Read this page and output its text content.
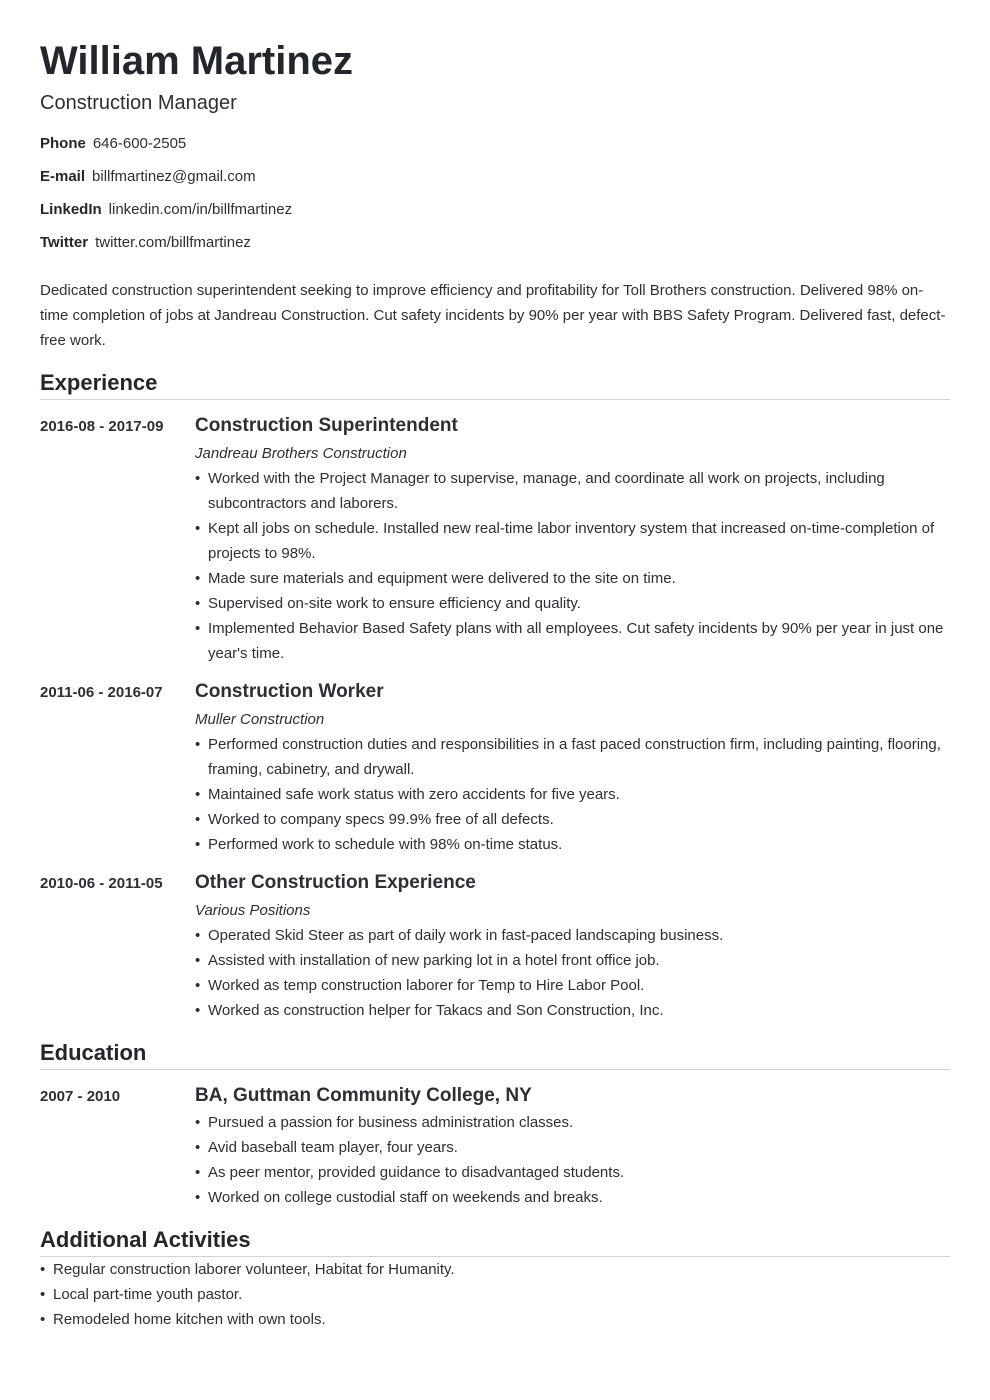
William Martinez
Construction Manager
Phone 646-600-2505
E-mail billfmartinez@gmail.com
LinkedIn linkedin.com/in/billfmartinez
Twitter twitter.com/billfmartinez
Dedicated construction superintendent seeking to improve efficiency and profitability for Toll Brothers construction. Delivered 98% on-time completion of jobs at Jandreau Construction. Cut safety incidents by 90% per year with BBS Safety Program. Delivered fast, defect-free work.
Experience
2016-08 - 2017-09	Construction Superintendent
Jandreau Brothers Construction
• Worked with the Project Manager to supervise, manage, and coordinate all work on projects, including subcontractors and laborers.
• Kept all jobs on schedule. Installed new real-time labor inventory system that increased on-time-completion of projects to 98%.
• Made sure materials and equipment were delivered to the site on time.
• Supervised on-site work to ensure efficiency and quality.
• Implemented Behavior Based Safety plans with all employees. Cut safety incidents by 90% per year in just one year's time.
2011-06 - 2016-07	Construction Worker
Muller Construction
• Performed construction duties and responsibilities in a fast paced construction firm, including painting, flooring, framing, cabinetry, and drywall.
• Maintained safe work status with zero accidents for five years.
• Worked to company specs 99.9% free of all defects.
• Performed work to schedule with 98% on-time status.
2010-06 - 2011-05	Other Construction Experience
Various Positions
• Operated Skid Steer as part of daily work in fast-paced landscaping business.
• Assisted with installation of new parking lot in a hotel front office job.
• Worked as temp construction laborer for Temp to Hire Labor Pool.
• Worked as construction helper for Takacs and Son Construction, Inc.
Education
2007 - 2010	BA, Guttman Community College, NY
• Pursued a passion for business administration classes.
• Avid baseball team player, four years.
• As peer mentor, provided guidance to disadvantaged students.
• Worked on college custodial staff on weekends and breaks.
Additional Activities
• Regular construction laborer volunteer, Habitat for Humanity.
• Local part-time youth pastor.
• Remodeled home kitchen with own tools.
